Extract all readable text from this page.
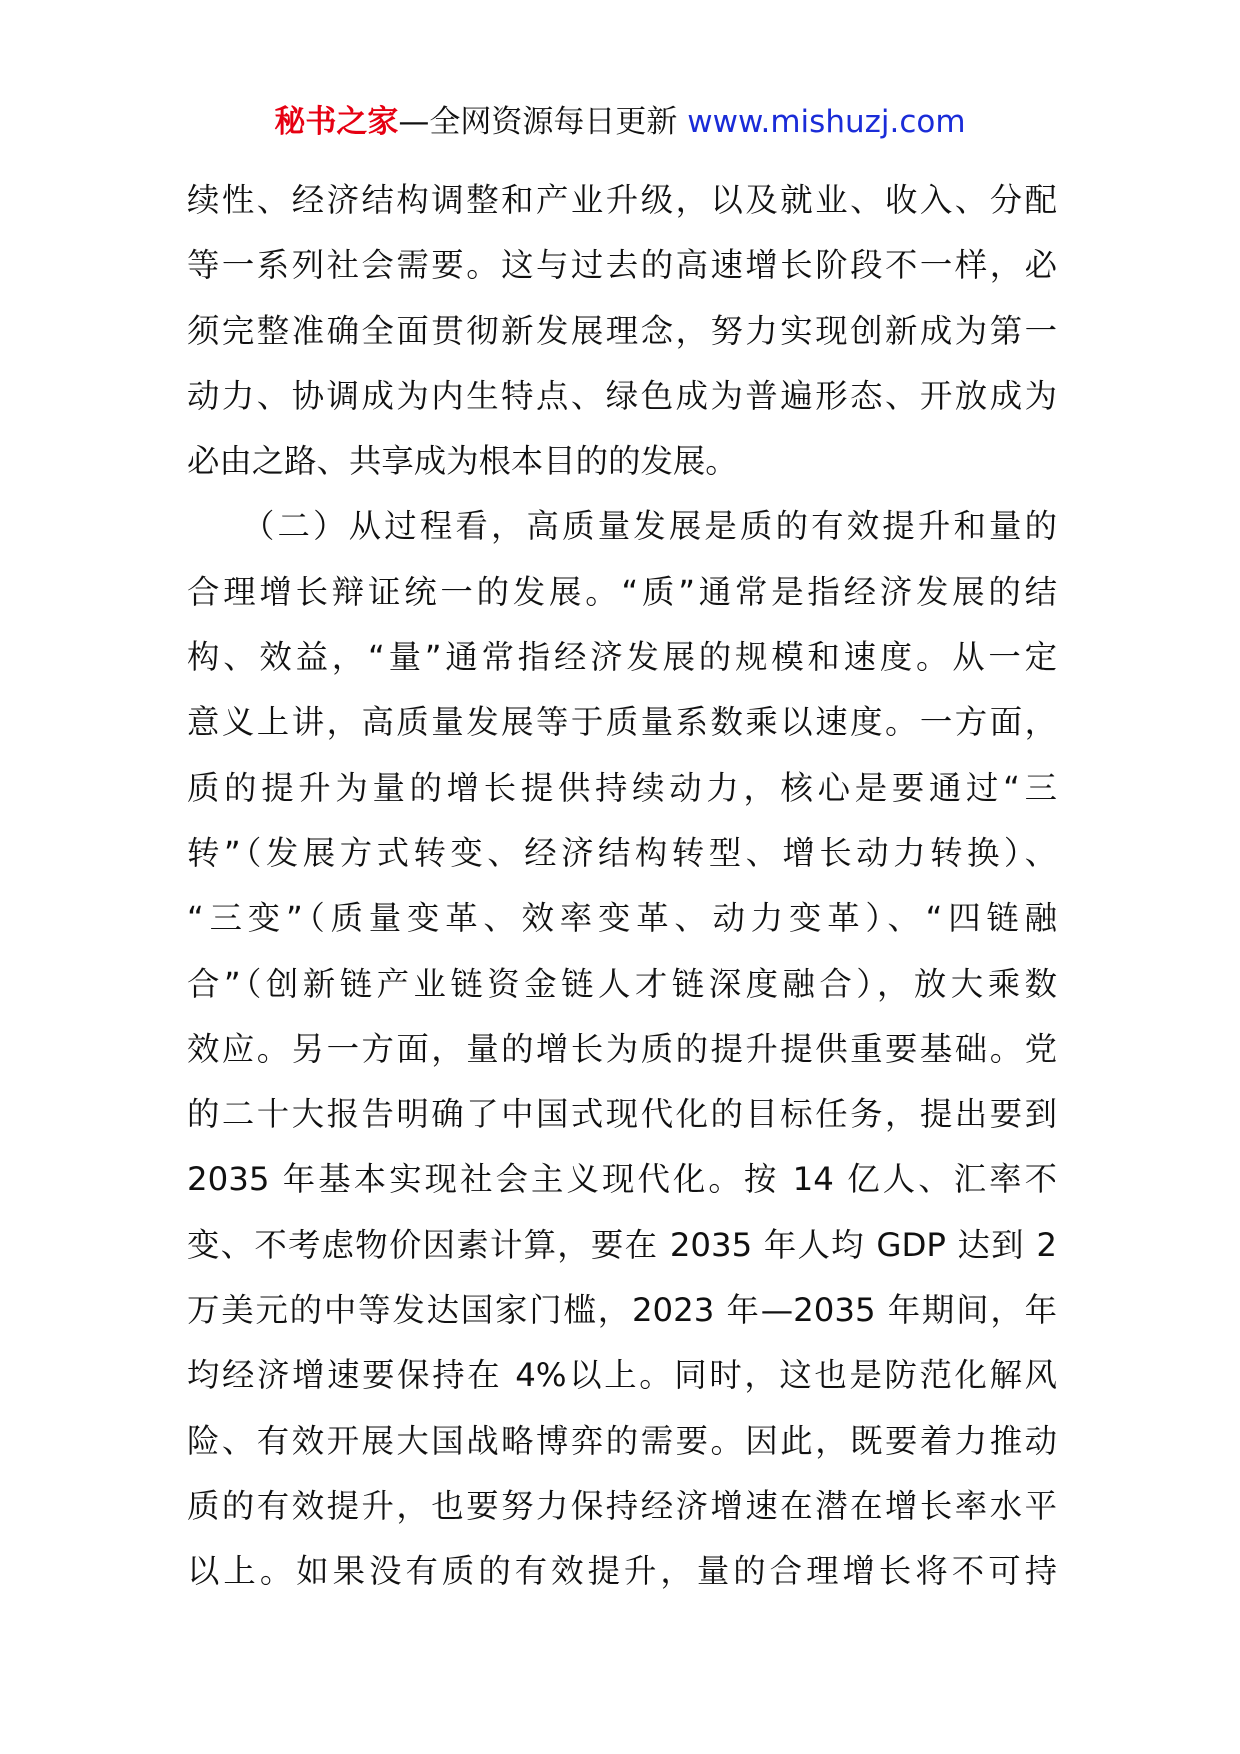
秘书之家—全网资源每日更新 www.mishuzj.com
续性、经济结构调整和产业升级，以及就业、收入、分配
等一系列社会需要。这与过去的高速增长阶段不一样，必
须完整准确全面贯彻新发展理念，努力实现创新成为第一
动力、协调成为内生特点、绿色成为普遍形态、开放成为
必由之路、共享成为根本目的的发展。
　　（二）从过程看，高质量发展是质的有效提升和量的
合理增长辩证统一的发展。“质”通常是指经济发展的结
构、效益，“量”通常指经济发展的规模和速度。从一定
意义上讲，高质量发展等于质量系数乘以速度。一方面，
质的提升为量的增长提供持续动力，核心是要通过“三
转”（发展方式转变、经济结构转型、增长动力转换）、
“三变”（质量变革、效率变革、动力变革）、“四链融
合”（创新链产业链资金链人才链深度融合），放大乘数
效应。另一方面，量的增长为质的提升提供重要基础。党
的二十大报告明确了中国式现代化的目标任务，提出要到
2035 年基本实现社会主义现代化。按 14 亿人、汇率不
变、不考虑物价因素计算，要在 2035 年人均 GDP 达到 2
万美元的中等发达国家门槛，2023 年—2035 年期间，年
均经济增速要保持在 4%以上。同时，这也是防范化解风
险、有效开展大国战略博弈的需要。因此，既要着力推动
质的有效提升，也要努力保持经济增速在潜在增长率水平
以上。如果没有质的有效提升，量的合理增长将不可持
